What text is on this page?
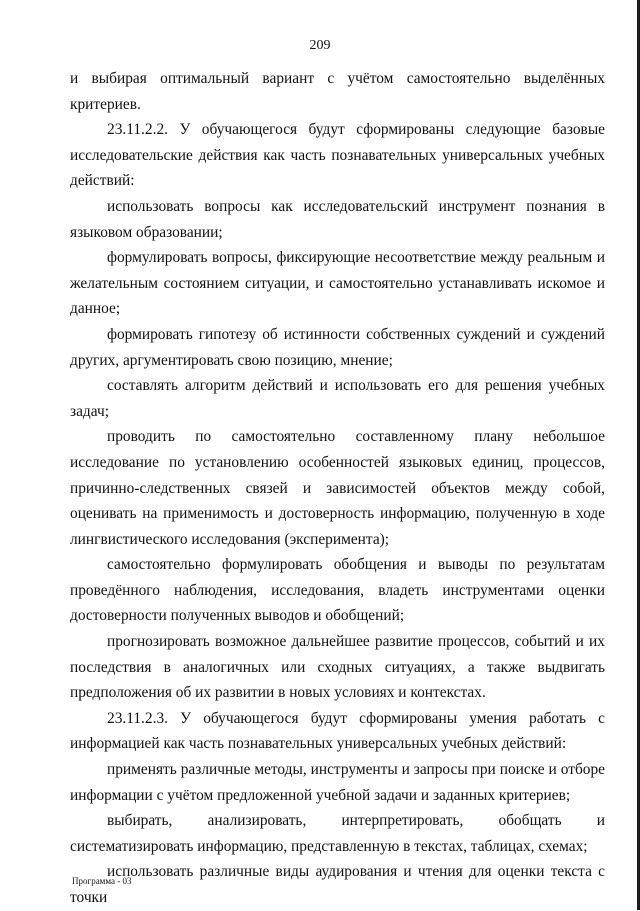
209

и выбирая оптимальный вариант с учётом самостоятельно выделённых критериев.

23.11.2.2. У обучающегося будут сформированы следующие базовые исследовательские действия как часть познавательных универсальных учебных действий:

использовать вопросы как исследовательский инструмент познания в языковом образовании;

формулировать вопросы, фиксирующие несоответствие между реальным и желательным состоянием ситуации, и самостоятельно устанавливать искомое и данное;

формировать гипотезу об истинности собственных суждений и суждений других, аргументировать свою позицию, мнение;

составлять алгоритм действий и использовать его для решения учебных задач;

проводить по самостоятельно составленному плану небольшое исследование по установлению особенностей языковых единиц, процессов, причинно-следственных связей и зависимостей объектов между собой, оценивать на применимость и достоверность информацию, полученную в ходе лингвистического исследования (эксперимента);

самостоятельно формулировать обобщения и выводы по результатам проведённого наблюдения, исследования, владеть инструментами оценки достоверности полученных выводов и обобщений;

прогнозировать возможное дальнейшее развитие процессов, событий и их последствия в аналогичных или сходных ситуациях, а также выдвигать предположения об их развитии в новых условиях и контекстах.

23.11.2.3. У обучающегося будут сформированы умения работать с информацией как часть познавательных универсальных учебных действий:

применять различные методы, инструменты и запросы при поиске и отборе информации с учётом предложенной учебной задачи и заданных критериев;

выбирать, анализировать, интерпретировать, обобщать и систематизировать информацию, представленную в текстах, таблицах, схемах;

использовать различные виды аудирования и чтения для оценки текста с точки

Программа - 03
